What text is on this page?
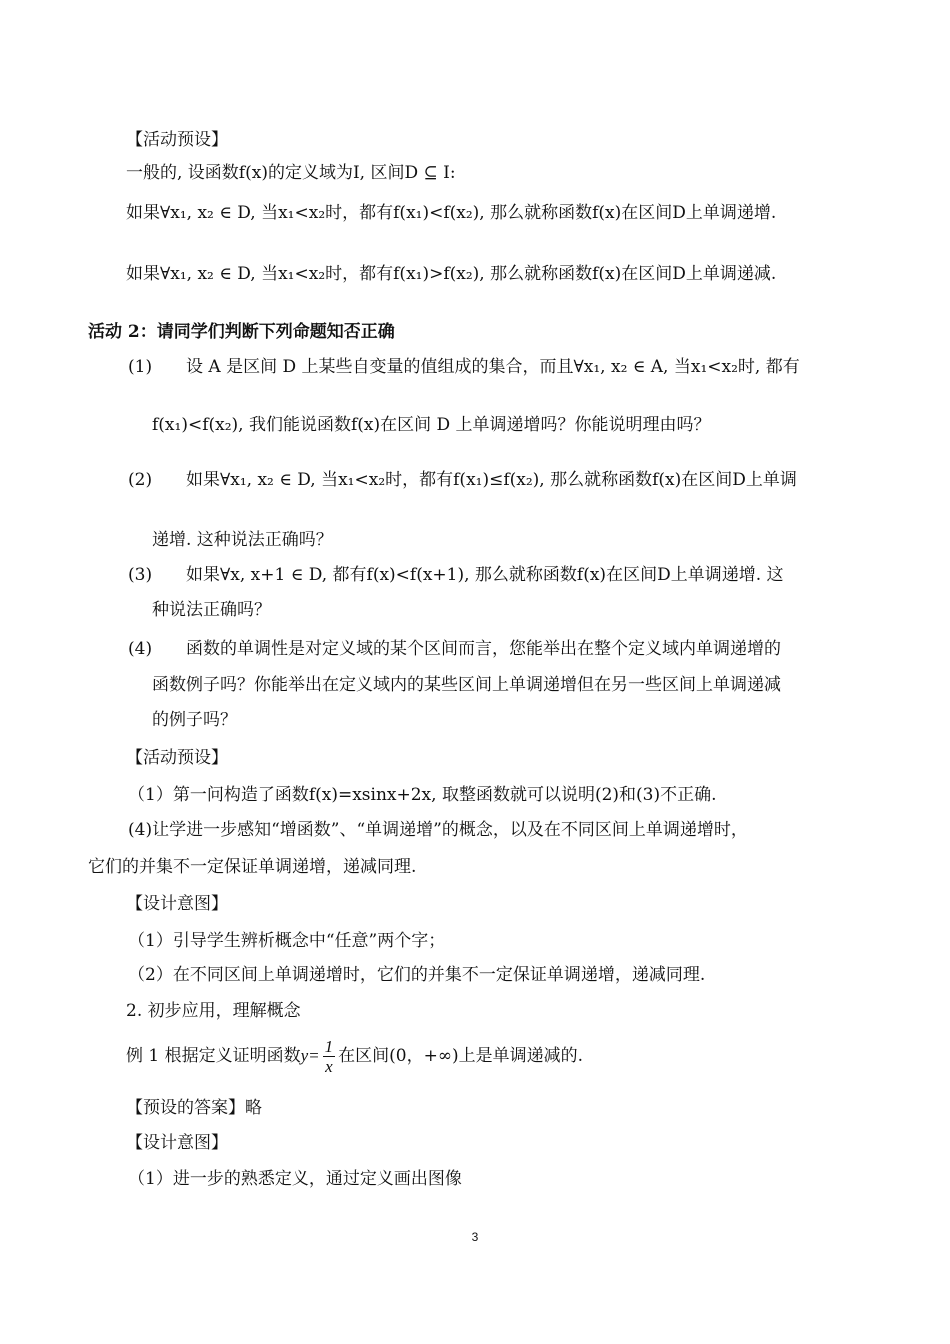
【活动预设】
一般的, 设函数f(x)的定义域为I, 区间D ⊆ I:
如果∀x₁, x₂ ∈ D, 当x₁<x₂时，都有f(x₁)<f(x₂), 那么就称函数f(x)在区间D上单调递增.
如果∀x₁, x₂ ∈ D, 当x₁<x₂时，都有f(x₁)>f(x₂), 那么就称函数f(x)在区间D上单调递减.
活动 2：请同学们判断下列命题知否正确
(1) 设 A 是区间 D 上某些自变量的值组成的集合，而且∀x₁, x₂ ∈ A, 当x₁<x₂时, 都有
f(x₁)<f(x₂), 我们能说函数f(x)在区间 D 上单调递增吗？你能说明理由吗？
(2) 如果∀x₁, x₂ ∈ D, 当x₁<x₂时，都有f(x₁)≤f(x₂), 那么就称函数f(x)在区间D上单调
递增. 这种说法正确吗？
(3) 如果∀x, x+1 ∈ D, 都有f(x)<f(x+1), 那么就称函数f(x)在区间D上单调递增. 这
种说法正确吗？
(4) 函数的单调性是对定义域的某个区间而言，您能举出在整个定义域内单调递增的
函数例子吗？你能举出在定义域内的某些区间上单调递增但在另一些区间上单调递减
的例子吗？
【活动预设】
（1）第一问构造了函数f(x)=xsinx+2x, 取整函数就可以说明(2)和(3)不正确.
(4)让学进一步感知“增函数”、“单调递增”的概念，以及在不同区间上单调递增时，
它们的并集不一定保证单调递增，递减同理.
【设计意图】
（1）引导学生辨析概念中“任意”两个字；
（2）在不同区间上单调递增时，它们的并集不一定保证单调递增，递减同理.
2. 初步应用，理解概念
例 1 根据定义证明函数$y= \frac{1}{x}$ 在区间(0，+∞)上是单调递减的.
【预设的答案】略
【设计意图】
（1）进一步的熟悉定义，通过定义画出图像
3
